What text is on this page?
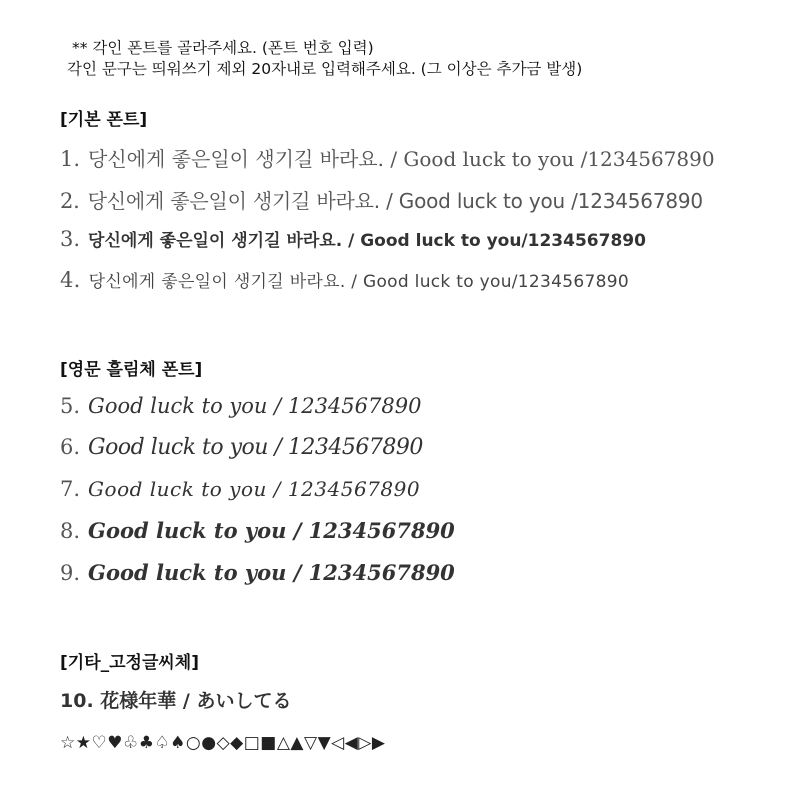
** 각인 폰트를 골라주세요. (폰트 번호 입력)
각인 문구는 띄워쓰기 제외 20자내로 입력해주세요. (그 이상은 추가금 발생)
[기본 폰트]
1. 당신에게 좋은일이 생기길 바라요. / Good luck to you /1234567890
2. 당신에게 좋은일이 생기길 바라요. / Good luck to you /1234567890
3. 당신에게 좋은일이 생기길 바라요. / Good luck to you/1234567890
4. 당신에게 좋은일이 생기길 바라요. / Good luck to you/1234567890
[영문 흘림체 폰트]
5. Good luck to you / 1234567890
6. Good luck to you / 1234567890
7. Good luck to you / 1234567890
8. Good luck to you / 1234567890
9. Good luck to you / 1234567890
[기타_고정글씨체]
10. 花様年華 / あいしてる
☆★♡♥♧♣♤♠○●◇◆□■△▲▽▼◁◀▷▶
